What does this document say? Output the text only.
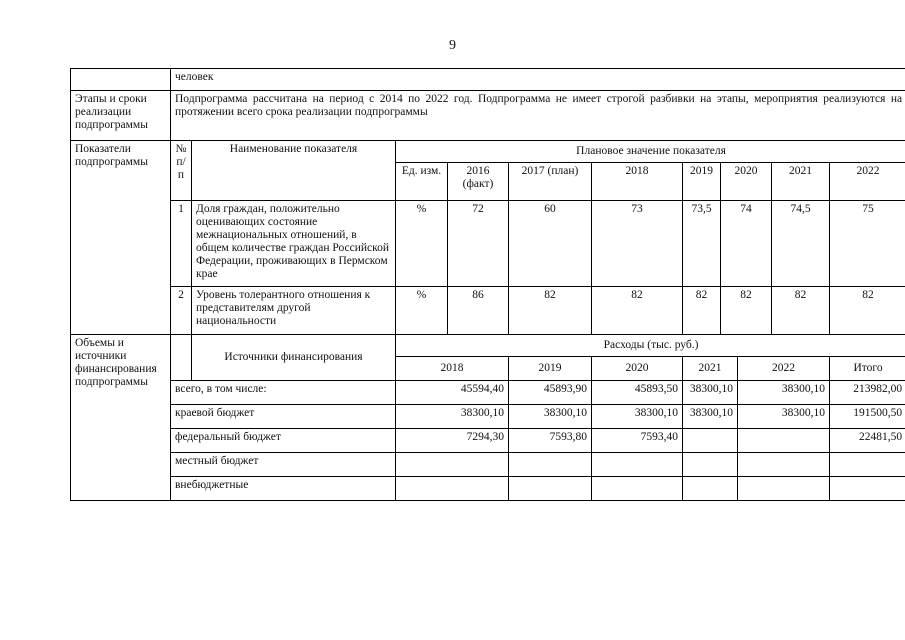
9
	человек										
Этапы и сроки реализации подпрограммы	Подпрограмма рассчитана на период с 2014 по 2022 год. Подпрограмма не имеет строгой разбивки на этапы, мероприятия реализуются на протяжении всего срока реализации подпрограммы										
Показатели подпрограммы	№ п/п	Наименование показателя	Плановое значение показателя								
			Ед. изм.	2016 (факт)	2017 (план)	2018	2019	2020		2021	2022
	1	Доля граждан, положительно оценивающих состояние межнациональных отношений, в общем количестве граждан Российской Федерации, проживающих в Пермском крае	%	72	60	73	73,5	74		74,5	75
	2	Уровень толерантного отношения к представителям другой национальности	%	86	82	82	82	82		82	82
Объемы и источники финансирования подпрограммы		Источники финансирования	Расходы (тыс. руб.)								
			2018		2019	2020	2021		2022		Итого
	всего, в том числе:		45594,40		45893,90	45893,50	38300,10		38300,10		213982,00
	краевой бюджет		38300,10		38300,10	38300,10	38300,10		38300,10		191500,50
	федеральный бюджет		7294,30		7593,80	7593,40					22481,50
	местный бюджет										
	внебюджетные										
